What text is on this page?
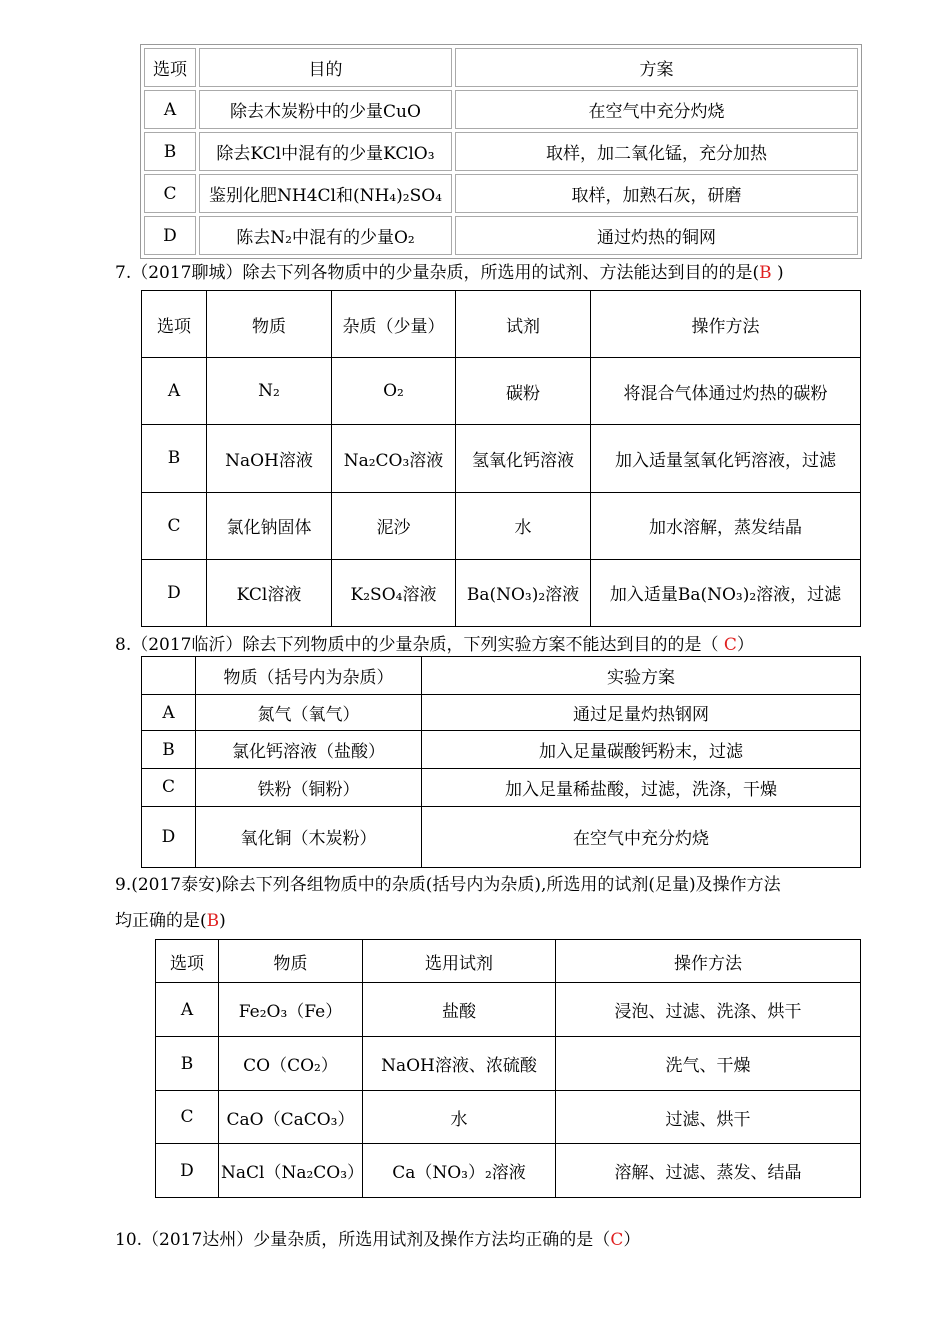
选项	目的	方案
A	除去木炭粉中的少量CuO	在空气中充分灼烧
B	除去KCl中混有的少量KClO₃	取样，加二氧化锰，充分加热
C	鉴别化肥NH4Cl和(NH₄)₂SO₄	取样，加熟石灰，研磨
D	陈去N₂中混有的少量O₂	通过灼热的铜网
7.（2017聊城）除去下列各物质中的少量杂质，所选用的试剂、方法能达到目的的是(B )
选项	物质	杂质（少量）	试剂	操作方法
A	N₂	O₂	碳粉	将混合气体通过灼热的碳粉
B	NaOH溶液	Na₂CO₃溶液	氢氧化钙溶液	加入适量氢氧化钙溶液，过滤
C	氯化钠固体	泥沙	水	加水溶解，蒸发结晶
D	KCl溶液	K₂SO₄溶液	Ba(NO₃)₂溶液	加入适量Ba(NO₃)₂溶液，过滤
8.（2017临沂）除去下列物质中的少量杂质，下列实验方案不能达到目的的是（ C）
	物质（括号内为杂质）	实验方案
A	氮气（氧气）	通过足量灼热钢网
B	氯化钙溶液（盐酸）	加入足量碳酸钙粉末，过滤
C	铁粉（铜粉）	加入足量稀盐酸，过滤，洗涤，干燥
D	氧化铜（木炭粉）	在空气中充分灼烧
9.(2017泰安)除去下列各组物质中的杂质(括号内为杂质),所选用的试剂(足量)及操作方法
均正确的是(B)
选项	物质	选用试剂	操作方法
A	Fe₂O₃（Fe）	盐酸	浸泡、过滤、洗涤、烘干
B	CO（CO₂）	NaOH溶液、浓硫酸	洗气、干燥
C	CaO（CaCO₃）	水	过滤、烘干
D	NaCl（Na₂CO₃）	Ca（NO₃）₂溶液	溶解、过滤、蒸发、结晶
10.（2017达州）少量杂质，所选用试剂及操作方法均正确的是（C）
